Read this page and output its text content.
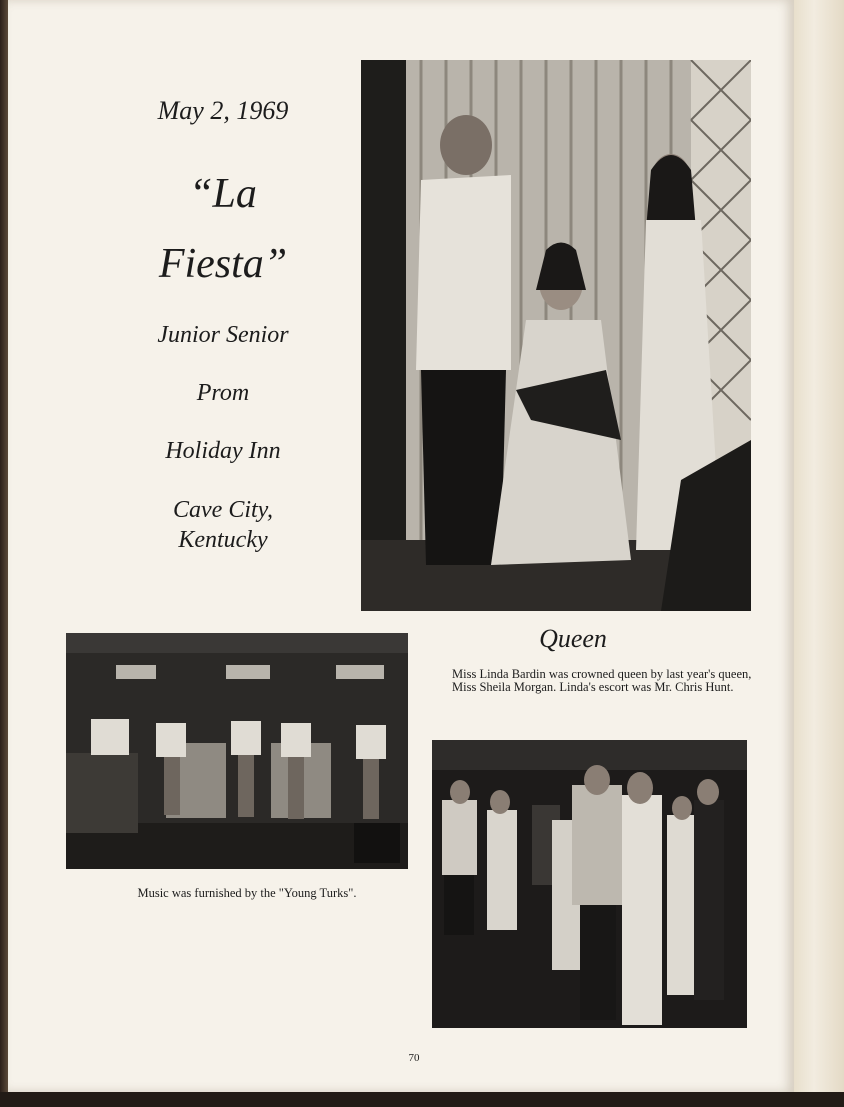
May 2, 1969
“La
Fiesta”
Junior Senior
Prom
Holiday Inn
Cave City,
Kentucky
Queen
Miss Linda Bardin was crowned queen by last year's queen, Miss Sheila Morgan. Linda's escort was Mr. Chris Hunt.
Music was furnished by the "Young Turks".
70
